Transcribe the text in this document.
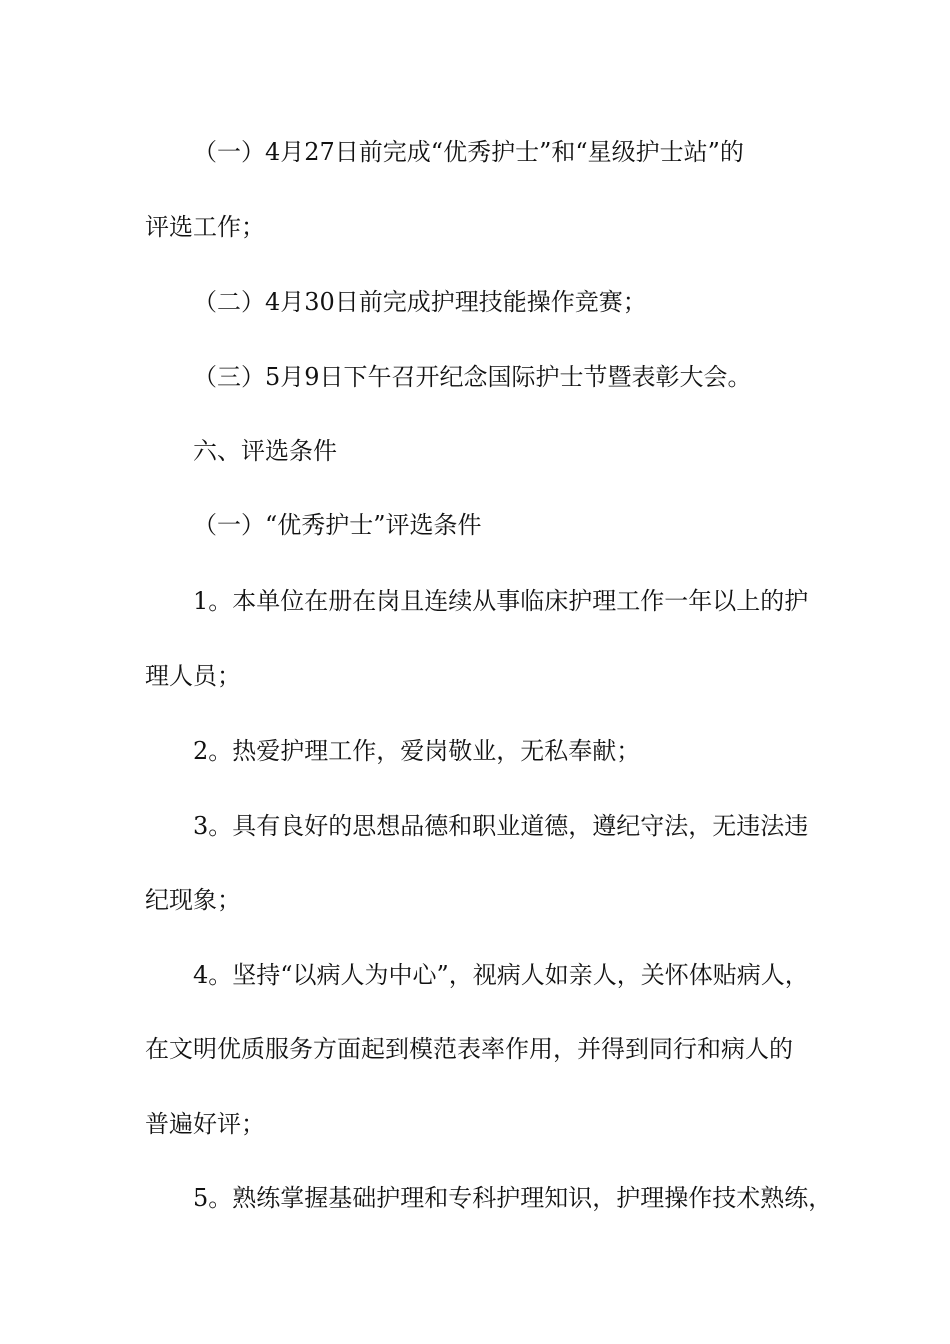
（一）4月27日前完成“优秀护士”和“星级护士站”的
评选工作；
（二）4月30日前完成护理技能操作竞赛；
（三）5月9日下午召开纪念国际护士节暨表彰大会。
六、评选条件
（一）“优秀护士”评选条件
1。本单位在册在岗且连续从事临床护理工作一年以上的护
理人员；
2。热爱护理工作，爱岗敬业，无私奉献；
3。具有良好的思想品德和职业道德，遵纪守法，无违法违
纪现象；
4。坚持“以病人为中心”，视病人如亲人，关怀体贴病人，
在文明优质服务方面起到模范表率作用，并得到同行和病人的
普遍好评；
5。熟练掌握基础护理和专科护理知识，护理操作技术熟练，
